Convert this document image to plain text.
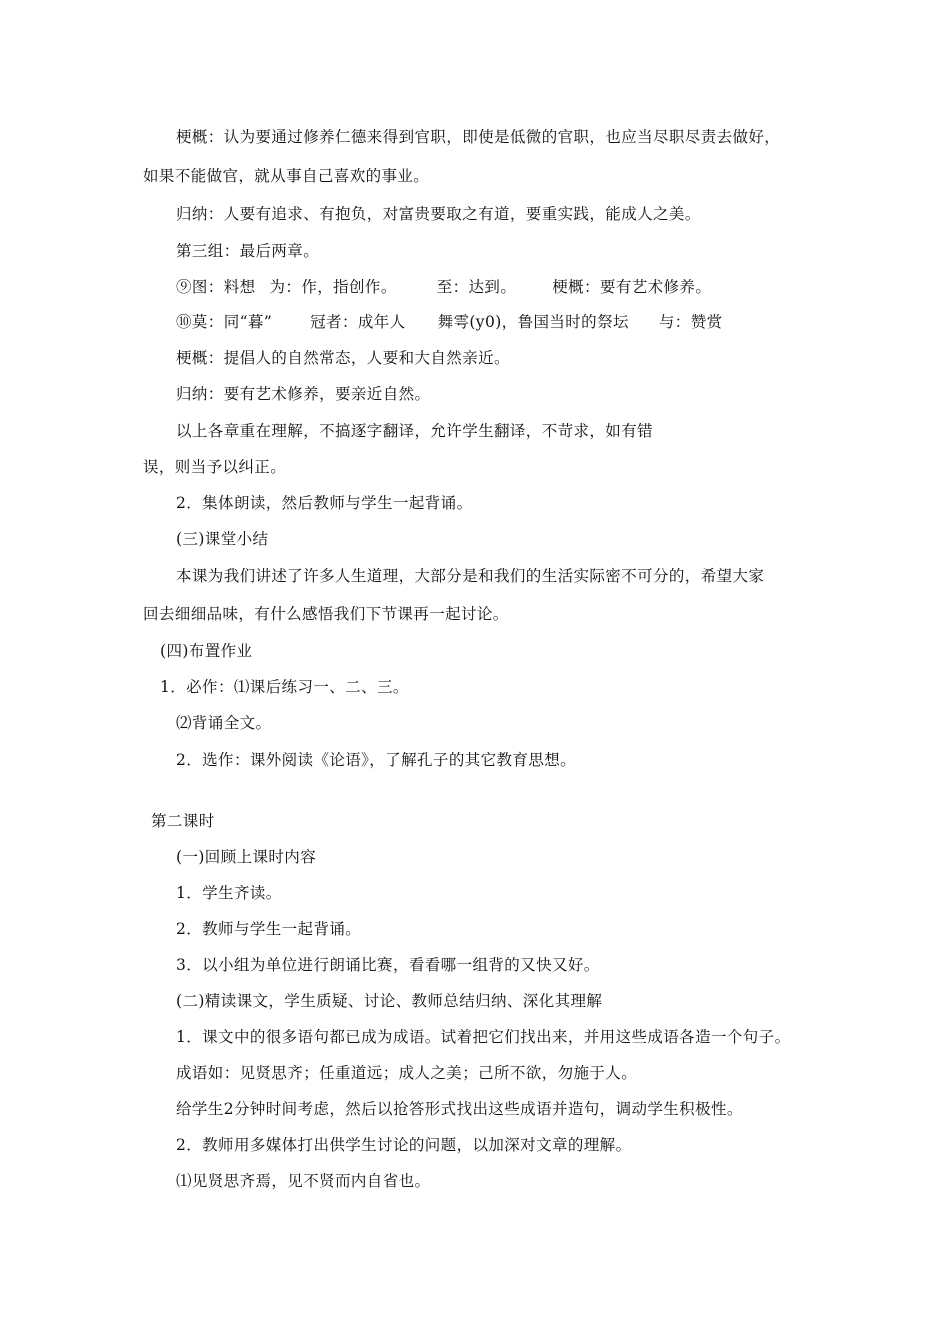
梗概：认为要通过修养仁德来得到官职，即使是低微的官职，也应当尽职尽责去做好，
如果不能做官，就从事自己喜欢的事业。
归纳：人要有追求、有抱负，对富贵要取之有道，要重实践，能成人之美。
第三组：最后两章。
⑨图：料想 为：作，指创作。	至：达到。 梗概：要有艺术修养。
⑩莫：同“暮” 冠者：成年人 舞雩(y0)，鲁国当时的祭坛 与：赞赏
梗概：提倡人的自然常态，人要和大自然亲近。
归纳：要有艺术修养，要亲近自然。
以上各章重在理解，不搞逐字翻译，允许学生翻译，不苛求，如有错
误，则当予以纠正。
2．集体朗读，然后教师与学生一起背诵。
(三)课堂小结
本课为我们讲述了许多人生道理，大部分是和我们的生活实际密不可分的，希望大家
回去细细品味，有什么感悟我们下节课再一起讨论。
(四)布置作业
1．必作：⑴课后练习一、二、三。
⑵背诵全文。
2．选作：课外阅读《论语》，了解孔子的其它教育思想。
第二课时
(一)回顾上课时内容
1．学生齐读。
2．教师与学生一起背诵。
3．以小组为单位进行朗诵比赛，看看哪一组背的又快又好。
(二)精读课文，学生质疑、讨论、教师总结归纳、深化其理解
1．课文中的很多语句都已成为成语。试着把它们找出来，并用这些成语各造一个句子。
成语如：见贤思齐；任重道远；成人之美；己所不欲，勿施于人。
给学生2分钟时间考虑，然后以抢答形式找出这些成语并造句，调动学生积极性。
2．教师用多媒体打出供学生讨论的问题，以加深对文章的理解。
⑴见贤思齐焉，见不贤而内自省也。
